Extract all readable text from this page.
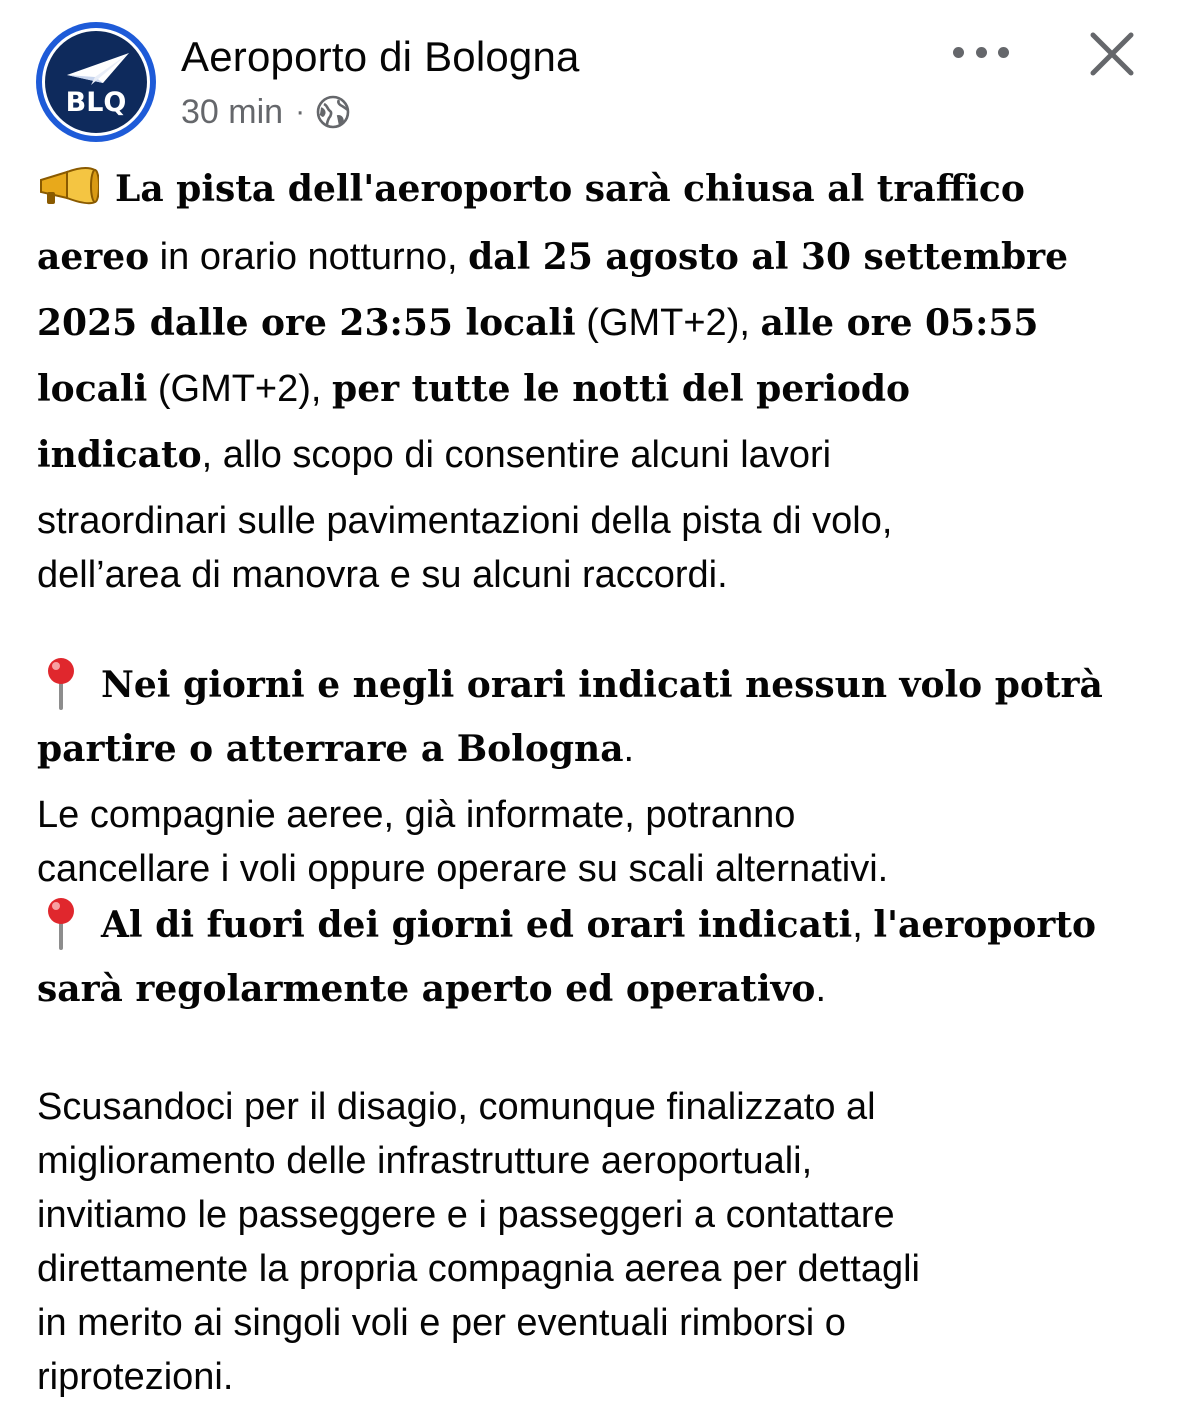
BLQ
Aeroporto di Bologna
30 min ·
La pista dell'aeroporto sarà chiusa al traffico
aereo in orario notturno, dal 25 agosto al 30 settembre
2025 dalle ore 23:55 locali (GMT+2), alle ore 05:55
locali (GMT+2), per tutte le notti del periodo
indicato, allo scopo di consentire alcuni lavori
straordinari sulle pavimentazioni della pista di volo,
dell’area di manovra e su alcuni raccordi.
Nei giorni e negli orari indicati nessun volo potrà
partire o atterrare a Bologna.
Le compagnie aeree, già informate, potranno
cancellare i voli oppure operare su scali alternativi.
Al di fuori dei giorni ed orari indicati, l'aeroporto
sarà regolarmente aperto ed operativo.
Scusandoci per il disagio, comunque finalizzato al
miglioramento delle infrastrutture aeroportuali,
invitiamo le passeggere e i passeggeri a contattare
direttamente la propria compagnia aerea per dettagli
in merito ai singoli voli e per eventuali rimborsi o
riprotezioni.
